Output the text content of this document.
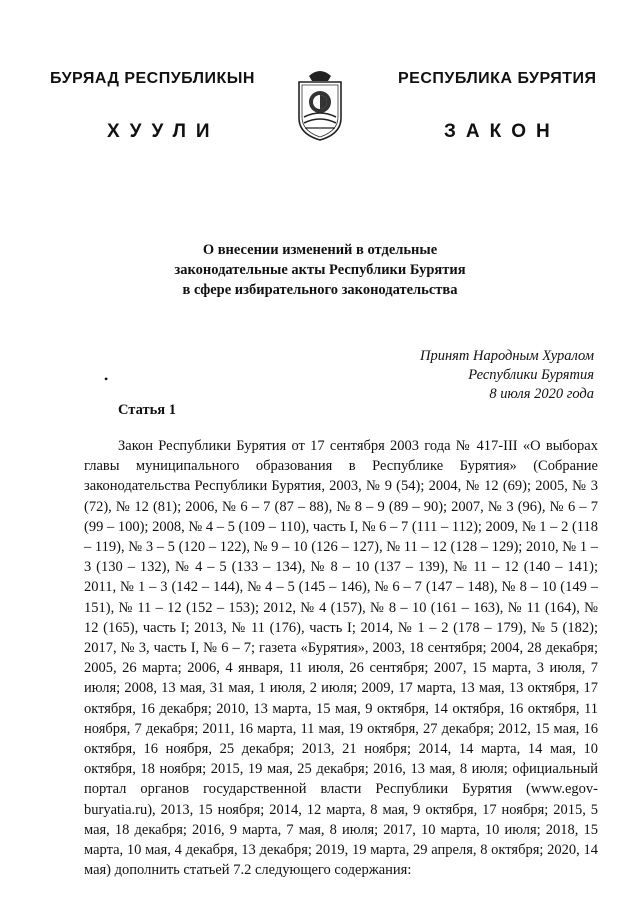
БУРЯАД РЕСПУБЛИКЫН	РЕСПУБЛИКА БУРЯТИЯ
ХУУЛИ	ЗАКОН
О внесении изменений в отдельные
законодательные акты Республики Бурятия
в сфере избирательного законодательства
Принят Народным Хуралом
Республики Бурятия
8 июля 2020 года
•
Статья 1

Закон Республики Бурятия от 17 сентября 2003 года № 417-III «О выборах главы муниципального образования в Республике Бурятия» (Собрание законодательства Республики Бурятия, 2003, № 9 (54); 2004, № 12 (69); 2005, № 3 (72), № 12 (81); 2006, № 6 – 7 (87 – 88), № 8 – 9 (89 – 90); 2007, № 3 (96), № 6 – 7 (99 – 100); 2008, № 4 – 5 (109 – 110), часть I, № 6 – 7 (111 – 112); 2009, № 1 – 2 (118 – 119), № 3 – 5 (120 – 122), № 9 – 10 (126 – 127), № 11 – 12 (128 – 129); 2010, № 1 – 3 (130 – 132), № 4 – 5 (133 – 134), № 8 – 10 (137 – 139), № 11 – 12 (140 – 141); 2011, № 1 – 3 (142 – 144), № 4 – 5 (145 – 146), № 6 – 7 (147 – 148), № 8 – 10 (149 – 151), № 11 – 12 (152 – 153); 2012, № 4 (157), № 8 – 10 (161 – 163), № 11 (164), № 12 (165), часть I; 2013, № 11 (176), часть I; 2014, № 1 – 2 (178 – 179), № 5 (182); 2017, № 3, часть I, № 6 – 7; газета «Бурятия», 2003, 18 сентября; 2004, 28 декабря; 2005, 26 марта; 2006, 4 января, 11 июля, 26 сентября; 2007, 15 марта, 3 июля, 7 июля; 2008, 13 мая, 31 мая, 1 июля, 2 июля; 2009, 17 марта, 13 мая, 13 октября, 17 октября, 16 декабря; 2010, 13 марта, 15 мая, 9 октября, 14 октября, 16 октября, 11 ноября, 7 декабря; 2011, 16 марта, 11 мая, 19 октября, 27 декабря; 2012, 15 мая, 16 октября, 16 ноября, 25 декабря; 2013, 21 ноября; 2014, 14 марта, 14 мая, 10 октября, 18 ноября; 2015, 19 мая, 25 декабря; 2016, 13 мая, 8 июля; официальный портал органов государственной власти Республики Бурятия (www.egov-buryatia.ru), 2013, 15 ноября; 2014, 12 марта, 8 мая, 9 октября, 17 ноября; 2015, 5 мая, 18 декабря; 2016, 9 марта, 7 мая, 8 июля; 2017, 10 марта, 10 июля; 2018, 15 марта, 10 мая, 4 декабря, 13 декабря; 2019, 19 марта, 29 апреля, 8 октября; 2020, 14 мая) дополнить статьей 7.2 следующего содержания:
